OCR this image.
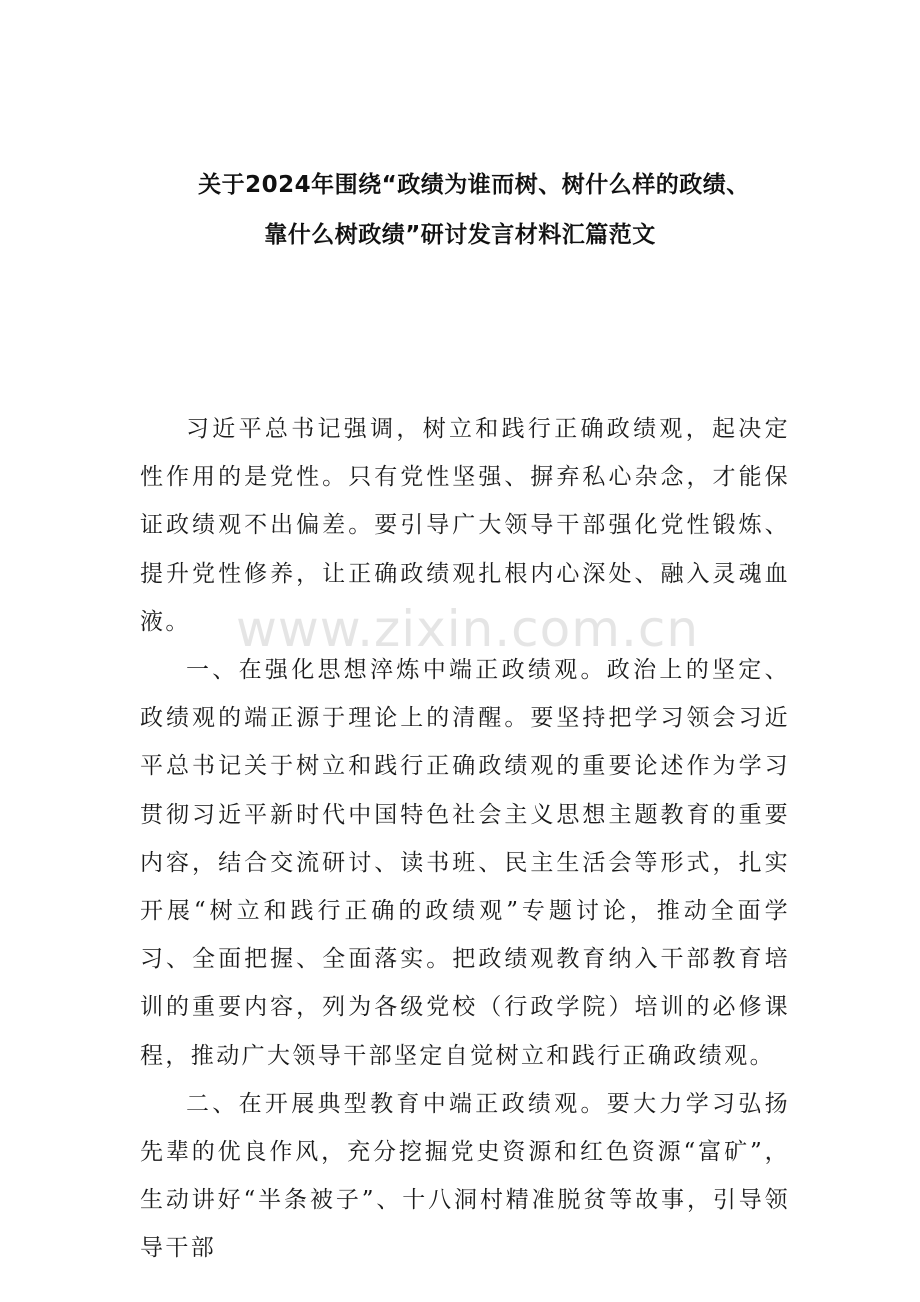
关于2024年围绕“政绩为谁而树、树什么样的政绩、
靠什么树政绩”研讨发言材料汇篇范文

习近平总书记强调，树立和践行正确政绩观，起决定性作用的是党性。只有党性坚强、摒弃私心杂念，才能保证政绩观不出偏差。要引导广大领导干部强化党性锻炼、提升党性修养，让正确政绩观扎根内心深处、融入灵魂血液。

一、在强化思想淬炼中端正政绩观。政治上的坚定、政绩观的端正源于理论上的清醒。要坚持把学习领会习近平总书记关于树立和践行正确政绩观的重要论述作为学习贯彻习近平新时代中国特色社会主义思想主题教育的重要内容，结合交流研讨、读书班、民主生活会等形式，扎实开展“树立和践行正确的政绩观”专题讨论，推动全面学习、全面把握、全面落实。把政绩观教育纳入干部教育培训的重要内容，列为各级党校（行政学院）培训的必修课程，推动广大领导干部坚定自觉树立和践行正确政绩观。

二、在开展典型教育中端正政绩观。要大力学习弘扬先辈的优良作风，充分挖掘党史资源和红色资源“富矿”，生动讲好“半条被子”、十八洞村精准脱贫等故事，引导领导干部

www.zixin.com.cn
